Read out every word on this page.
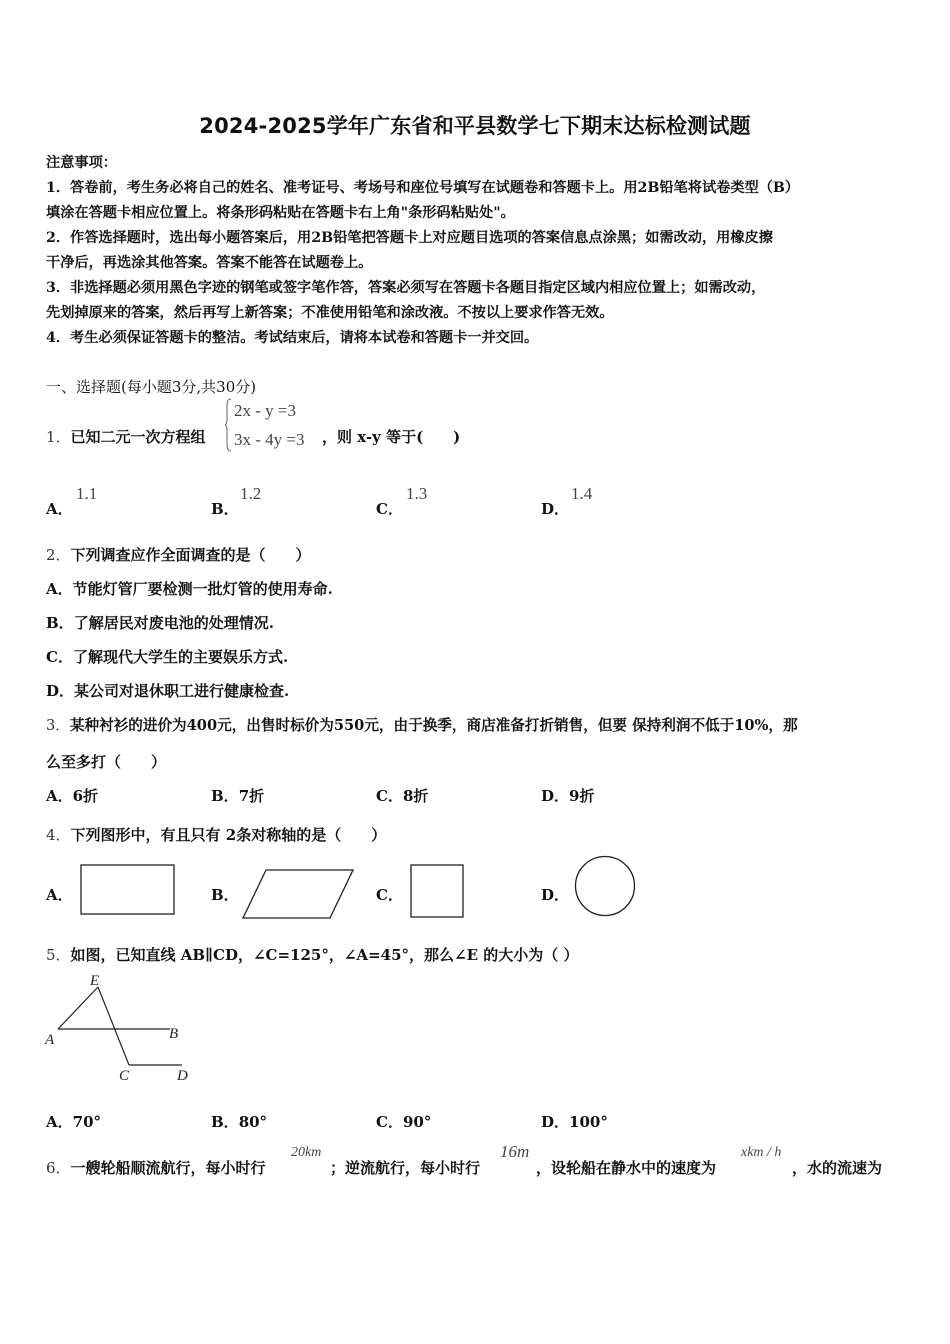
2024-2025学年广东省和平县数学七下期末达标检测试题
注意事项：
1．答卷前，考生务必将自己的姓名、准考证号、考场号和座位号填写在试题卷和答题卡上。用2B铅笔将试卷类型（B）
填涂在答题卡相应位置上。将条形码粘贴在答题卡右上角"条形码粘贴处"。
2．作答选择题时，选出每小题答案后，用2B铅笔把答题卡上对应题目选项的答案信息点涂黑；如需改动，用橡皮擦
干净后，再选涂其他答案。答案不能答在试题卷上。
3．非选择题必须用黑色字迹的钢笔或签字笔作答，答案必须写在答题卡各题目指定区域内相应位置上；如需改动，
先划掉原来的答案，然后再写上新答案；不准使用铅笔和涂改液。不按以上要求作答无效。
4．考生必须保证答题卡的整洁。考试结束后，请将本试卷和答题卡一并交回。
一、选择题(每小题3分,共30分)
1．已知二元一次方程组
2x - y =3
3x - 4y =3 ，则 x-y 等于(　　)
A．
1.1
B．
1.2
C．
1.3
D．
1.4
2．下列调查应作全面调查的是（　　）
A．节能灯管厂要检测一批灯管的使用寿命.
B．了解居民对废电池的处理情况.
C．了解现代大学生的主要娱乐方式.
D．某公司对退休职工进行健康检查.
3．某种衬衫的进价为400元，出售时标价为550元，由于换季，商店准备打折销售，但要 保持利润不低于10%，那
么至多打（　　）
A．6折	B．7折	C．8折	D．9折
4．下列图形中，有且只有 2条对称轴的是（　　）
A．	B．	C．	D．
5．如图，已知直线 AB∥CD，∠C=125°，∠A=45°，那么∠E 的大小为（ ）
E
A	B
C	D
A．70°	B．80°	C．90°	D．100°
6．一艘轮船顺流航行，每小时行
20km
；逆流航行，每小时行
16m
，设轮船在静水中的速度为
xkm / h
，水的流速为
